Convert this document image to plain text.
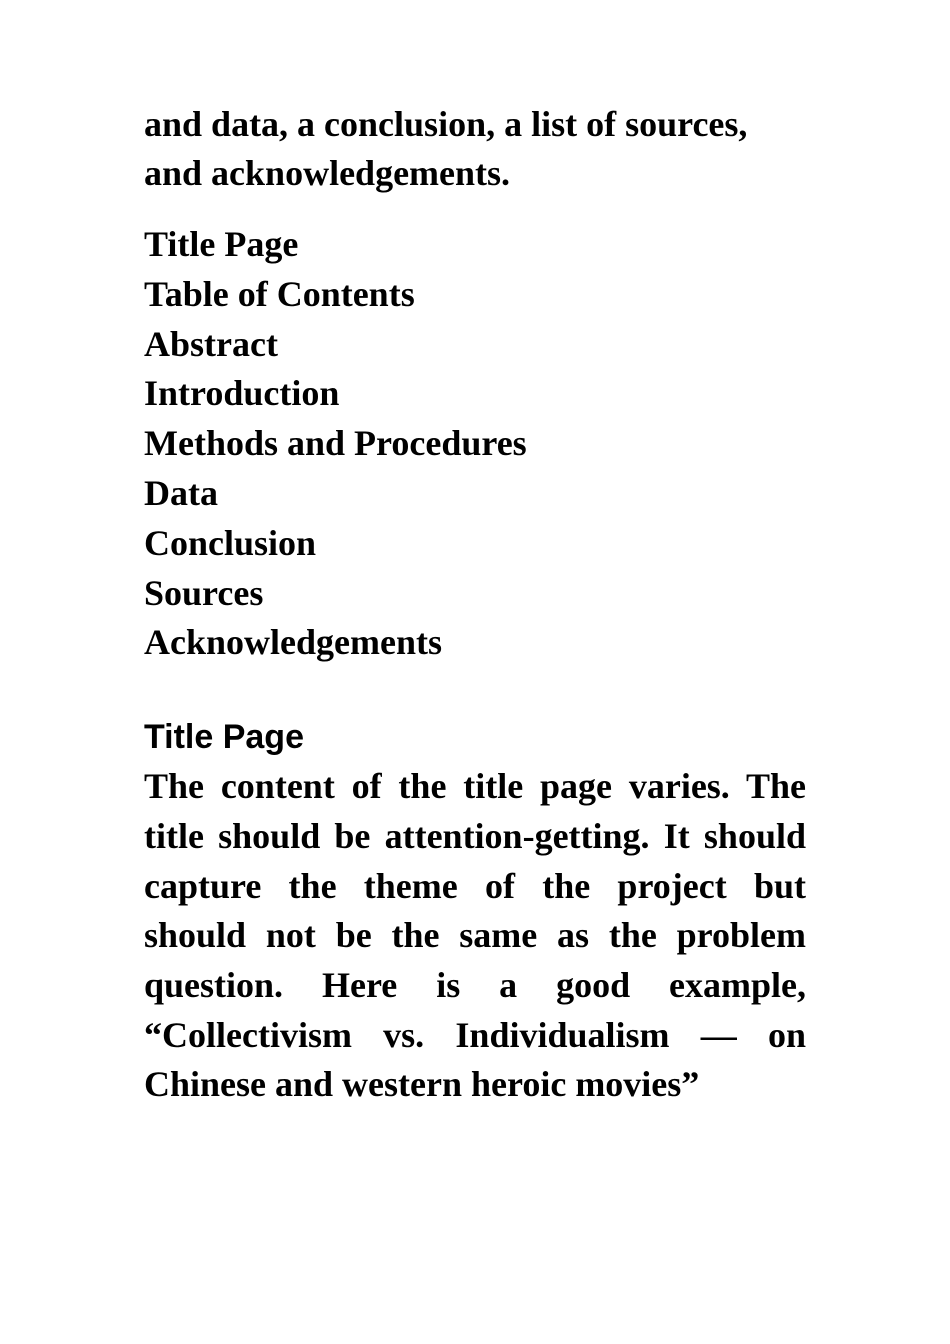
and data, a conclusion, a list of sources, and acknowledgements.

Title Page
Table of Contents
Abstract
Introduction
Methods and Procedures
Data
Conclusion
Sources
Acknowledgements
Title Page

The content of the title page varies. The title should be attention-getting. It should capture the theme of the project but should not be the same as the problem question. Here is a good example, “Collectivism vs. Individualism — on Chinese and western heroic movies”
